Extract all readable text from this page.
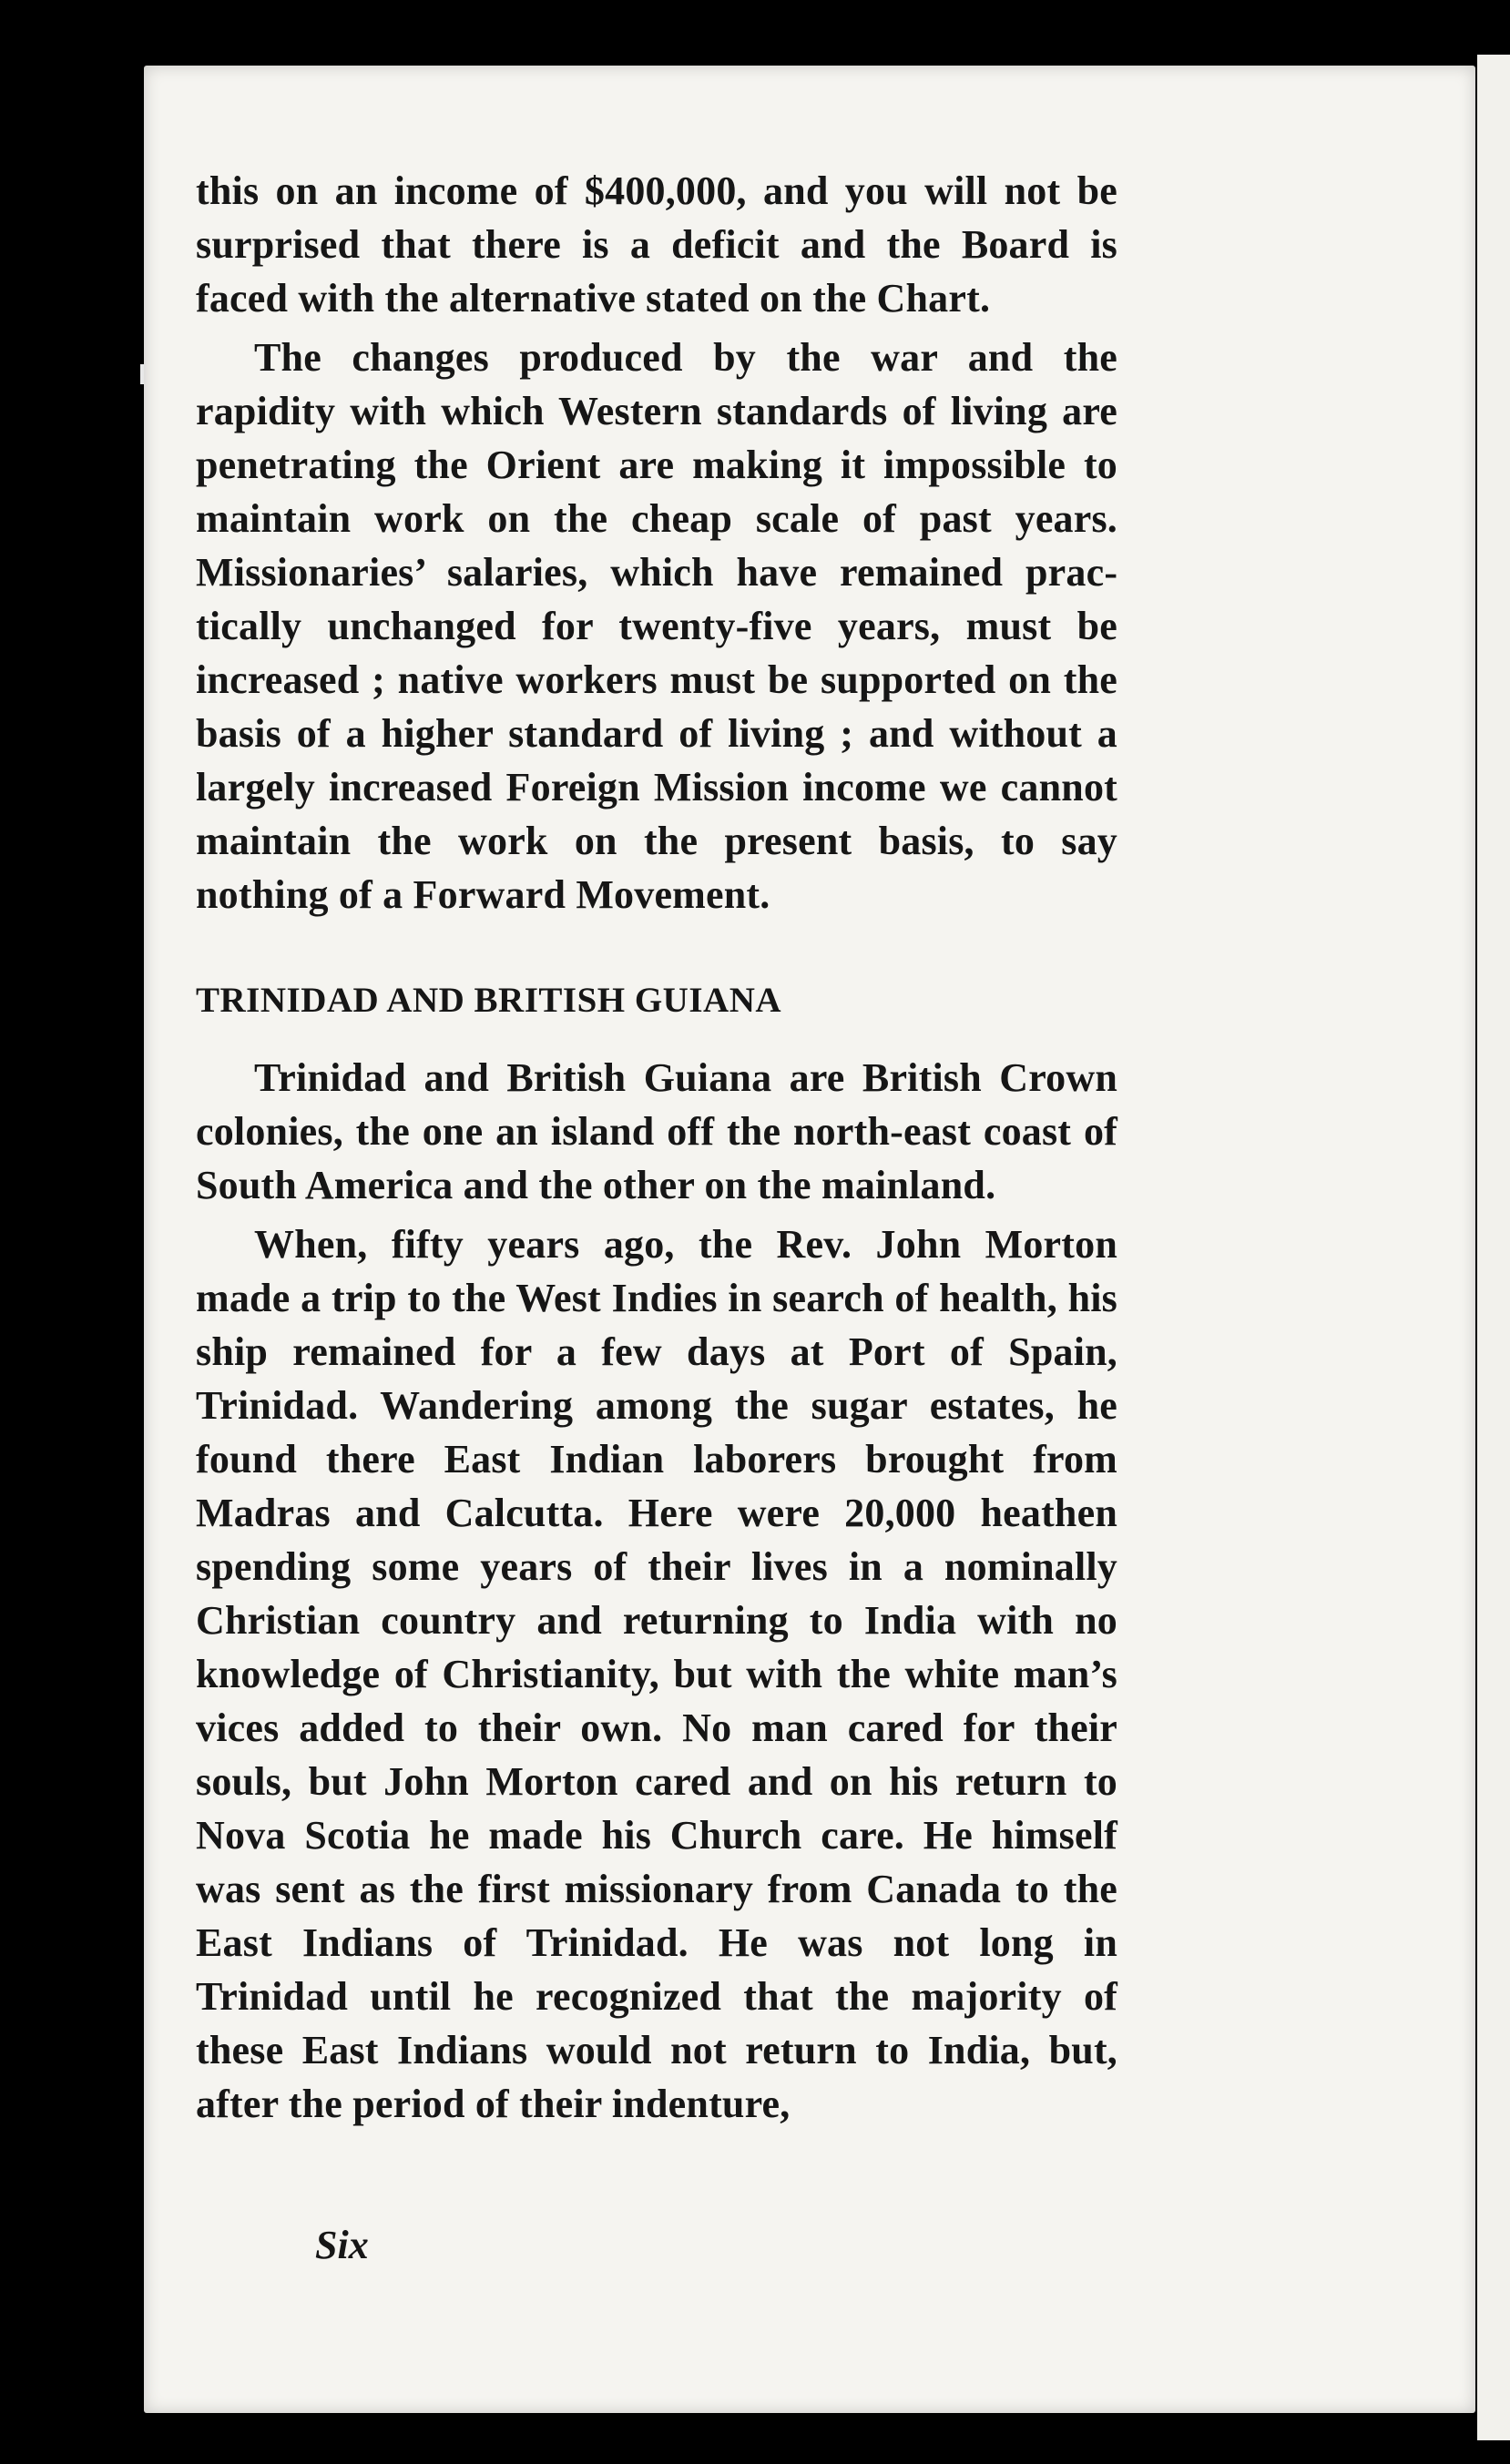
this on an income of $400,000, and you will not be surprised that there is a deficit and the Board is faced with the alternative stated on the Chart.

The changes produced by the war and the rapidity with which Western standards of living are penetrating the Orient are making it impossible to maintain work on the cheap scale of past years. Missionaries’ salaries, which have remained practically unchanged for twenty-five years, must be increased ; native workers must be supported on the basis of a higher standard of living ; and without a largely increased Foreign Mission income we cannot maintain the work on the present basis, to say nothing of a Forward Movement.

TRINIDAD AND BRITISH GUIANA

Trinidad and British Guiana are British Crown colonies, the one an island off the north-east coast of South America and the other on the mainland.

When, fifty years ago, the Rev. John Morton made a trip to the West Indies in search of health, his ship remained for a few days at Port of Spain, Trinidad. Wandering among the sugar estates, he found there East Indian laborers brought from Madras and Calcutta. Here were 20,000 heathen spending some years of their lives in a nominally Christian country and returning to India with no knowledge of Christianity, but with the white man’s vices added to their own. No man cared for their souls, but John Morton cared and on his return to Nova Scotia he made his Church care. He himself was sent as the first missionary from Canada to the East Indians of Trinidad. He was not long in Trinidad until he recognized that the majority of these East Indians would not return to India, but, after the period of their indenture,

Six
